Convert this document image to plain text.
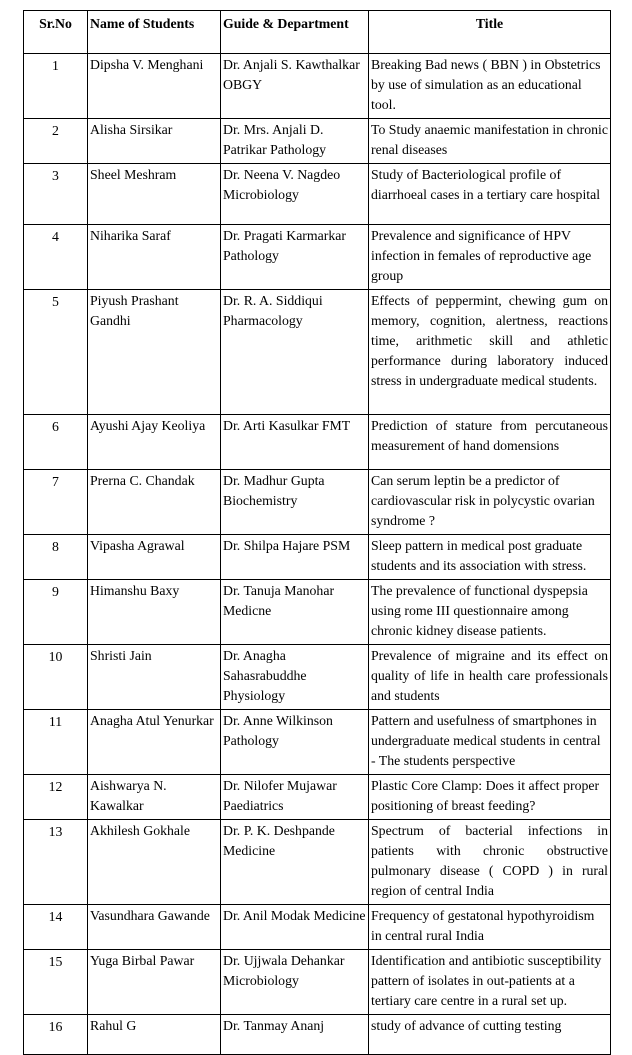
Sr.No	Name of Students	Guide & Department	Title
1	Dipsha V. Menghani	Dr. Anjali S. Kawthalkar OBGY	Breaking Bad news ( BBN ) in Obstetrics by use of simulation as an educational tool.
2	Alisha Sirsikar	Dr. Mrs. Anjali D. Patrikar Pathology	To Study anaemic manifestation in chronic renal diseases
3	Sheel Meshram	Dr. Neena V. Nagdeo Microbiology	Study of Bacteriological profile of diarrhoeal cases in a tertiary care hospital
4	Niharika Saraf	Dr. Pragati Karmarkar Pathology	Prevalence and significance of HPV infection in females of reproductive age group
5	Piyush Prashant Gandhi	Dr. R. A. Siddiqui Pharmacology	Effects of peppermint, chewing gum on memory, cognition, alertness, reactions time, arithmetic skill and athletic performance during laboratory induced stress in undergraduate medical students.
6	Ayushi Ajay Keoliya	Dr. Arti Kasulkar FMT	Prediction of stature from percutaneous measurement of hand domensions
7	Prerna C. Chandak	Dr. Madhur Gupta Biochemistry	Can serum leptin be a predictor of cardiovascular risk in polycystic ovarian syndrome ?
8	Vipasha Agrawal	Dr. Shilpa Hajare PSM	Sleep pattern in medical post graduate students and its association with stress.
9	Himanshu Baxy	Dr. Tanuja Manohar Medicne	The prevalence of functional dyspepsia using rome III questionnaire among chronic kidney disease patients.
10	Shristi Jain	Dr. Anagha Sahasrabuddhe Physiology	Prevalence of migraine and its effect on quality of life in health care professionals and students
11	Anagha Atul Yenurkar	Dr. Anne Wilkinson Pathology	Pattern and usefulness of smartphones in undergraduate medical students in central - The students perspective
12	Aishwarya N. Kawalkar	Dr. Nilofer Mujawar Paediatrics	Plastic Core Clamp: Does it affect proper positioning of breast feeding?
13	Akhilesh Gokhale	Dr. P. K. Deshpande Medicine	Spectrum of bacterial infections in patients with chronic obstructive pulmonary disease ( COPD ) in rural region of central India
14	Vasundhara Gawande	Dr. Anil Modak Medicine	Frequency of gestatonal hypothyroidism in central rural India
15	Yuga Birbal Pawar	Dr. Ujjwala Dehankar Microbiology	Identification and antibiotic susceptibility pattern of isolates in out-patients at a tertiary care centre in a rural set up.
16	Rahul G	Dr. Tanmay Ananj	study of advance of cutting testing
